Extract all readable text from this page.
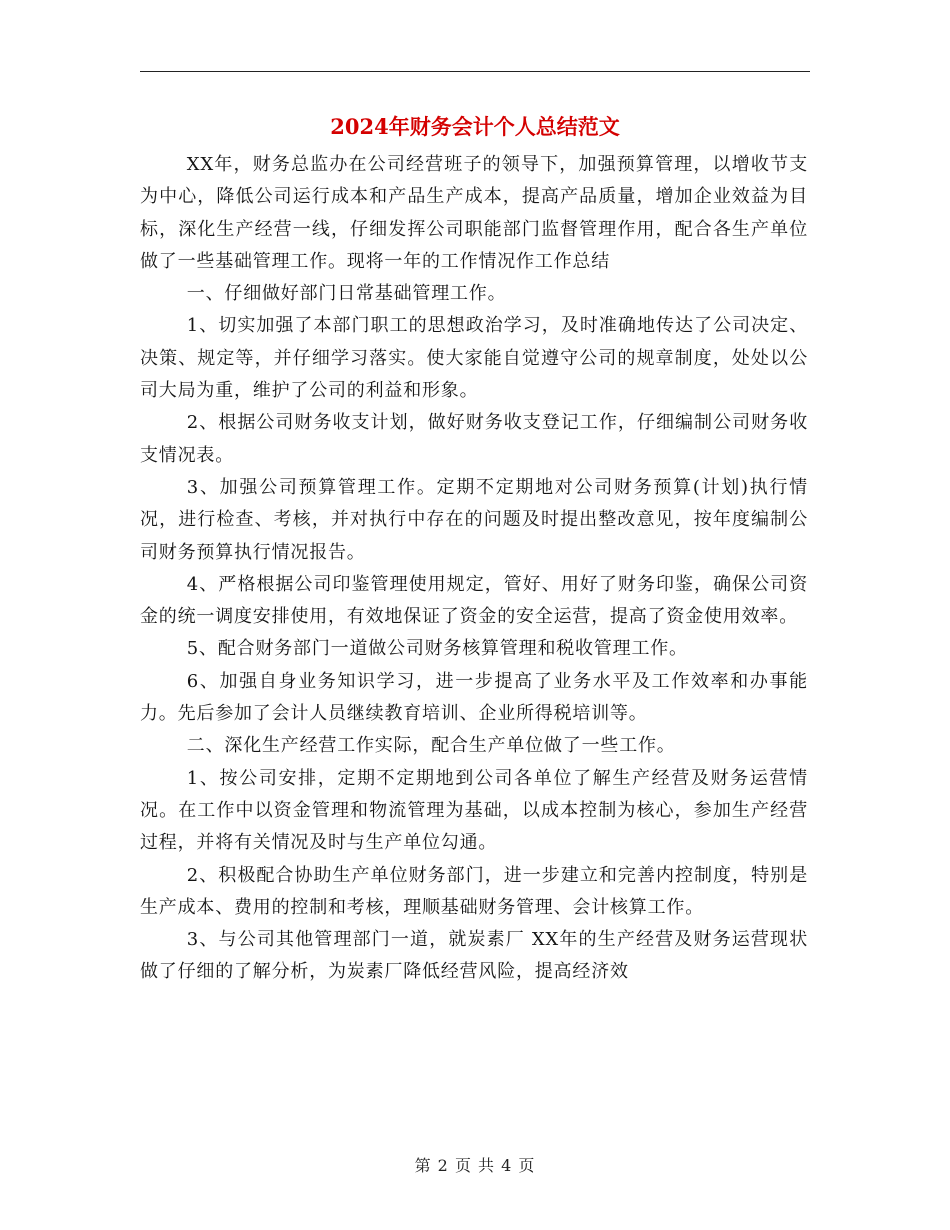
2024年财务会计个人总结范文

XX年，财务总监办在公司经营班子的领导下，加强预算管理，以增收节支为中心，降低公司运行成本和产品生产成本，提高产品质量，增加企业效益为目标，深化生产经营一线，仔细发挥公司职能部门监督管理作用，配合各生产单位做了一些基础管理工作。现将一年的工作情况作工作总结

一、仔细做好部门日常基础管理工作。

1、切实加强了本部门职工的思想政治学习，及时准确地传达了公司决定、决策、规定等，并仔细学习落实。使大家能自觉遵守公司的规章制度，处处以公司大局为重，维护了公司的利益和形象。

2、根据公司财务收支计划，做好财务收支登记工作，仔细编制公司财务收支情况表。

3、加强公司预算管理工作。定期不定期地对公司财务预算(计划)执行情况，进行检查、考核，并对执行中存在的问题及时提出整改意见，按年度编制公司财务预算执行情况报告。

4、严格根据公司印鉴管理使用规定，管好、用好了财务印鉴，确保公司资金的统一调度安排使用，有效地保证了资金的安全运营，提高了资金使用效率。

5、配合财务部门一道做公司财务核算管理和税收管理工作。

6、加强自身业务知识学习，进一步提高了业务水平及工作效率和办事能力。先后参加了会计人员继续教育培训、企业所得税培训等。

二、深化生产经营工作实际，配合生产单位做了一些工作。

1、按公司安排，定期不定期地到公司各单位了解生产经营及财务运营情况。在工作中以资金管理和物流管理为基础，以成本控制为核心，参加生产经营过程，并将有关情况及时与生产单位勾通。

2、积极配合协助生产单位财务部门，进一步建立和完善内控制度，特别是生产成本、费用的控制和考核，理顺基础财务管理、会计核算工作。

3、与公司其他管理部门一道，就炭素厂 XX年的生产经营及财务运营现状做了仔细的了解分析，为炭素厂降低经营风险，提高经济效

第 2 页 共 4 页
